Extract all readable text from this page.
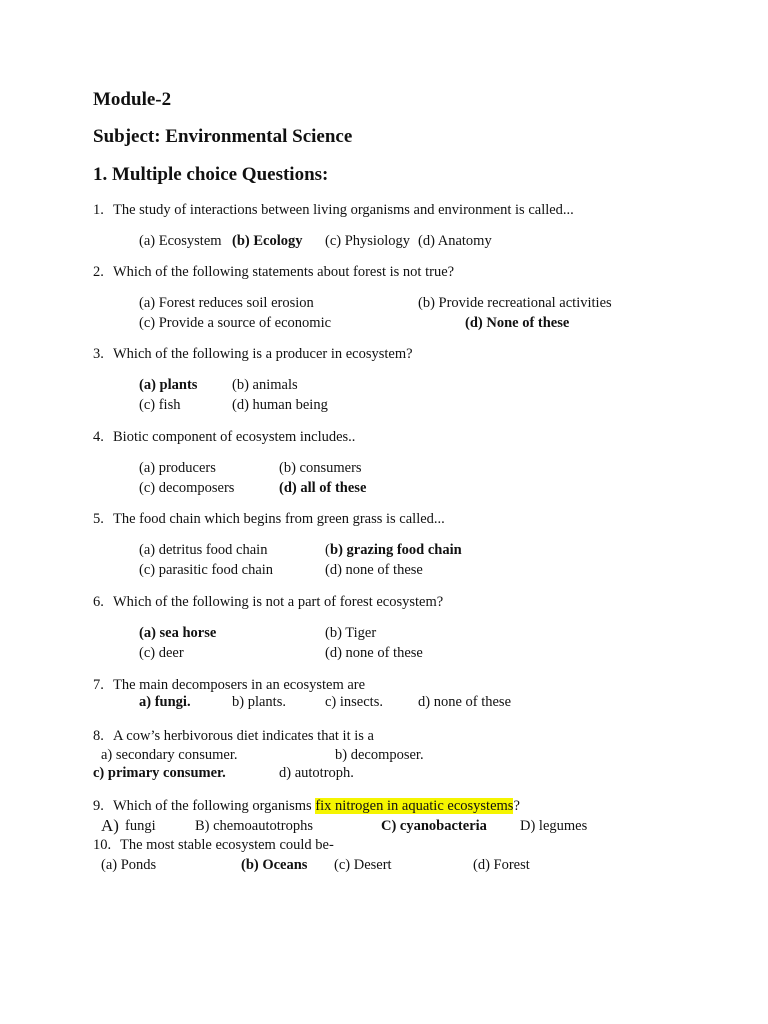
Module-2
Subject: Environmental Science
1. Multiple choice Questions:
1. The study of interactions between living organisms and environment is called...
(a) Ecosystem (b) Ecology (c) Physiology (d) Anatomy
2. Which of the following statements about forest is not true?
(a) Forest reduces soil erosion	(b) Provide recreational activities
(c) Provide a source of economic	(d) None of these
3. Which of the following is a producer in ecosystem?
(a) plants (b) animals
(c) fish	(d) human being
4. Biotic component of ecosystem includes..
(a) producers	(b) consumers
(c) decomposers	(d) all of these
5. The food chain which begins from green grass is called...
(a) detritus food chain	( b) grazing food chain
(c) parasitic food chain	(d) none of these
6. Which of the following is not a part of forest ecosystem?
(a) sea horse	(b) Tiger
(c) deer	(d) none of these
7. The main decomposers in an ecosystem are
a) fungi.	b) plants.	c) insects. d) none of these
8. A cow’s herbivorous diet indicates that it is a
a) secondary consumer.	b) decomposer.
c) primary consumer.	d) autotroph.
9. Which of the following organisms fix nitrogen in aquatic ecosystems?
A) fungi	B) chemoautotrophs	C) cyanobacteria D) legumes
10. The most stable ecosystem could be-
(a) Ponds	(b) Oceans (c) Desert	(d) Forest
